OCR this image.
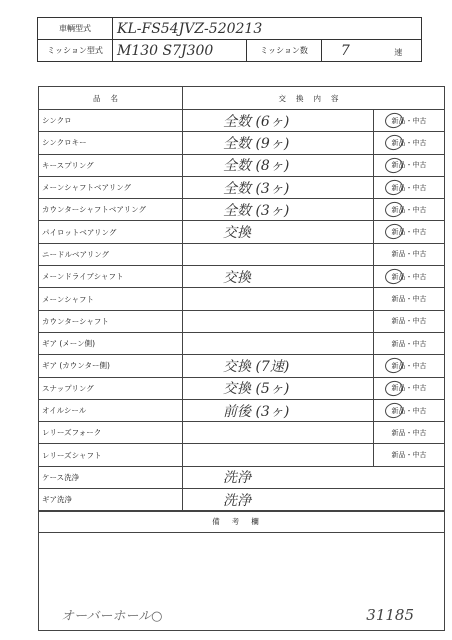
車輌型式	KL-FS54JVZ-520213		
ミッション型式	M130 S7J300	ミッション数	7 速
品名	交換内容	
シンクロ	全数 (6ヶ)	新品・中古

シンクロキー	全数 (9ヶ)	新品・中古

キースプリング	全数 (8ヶ)	新品・中古

メーンシャフトベアリング	全数 (3ヶ)	新品・中古

カウンターシャフトベアリング	全数 (3ヶ)	新品・中古

パイロットベアリング	交換	新品・中古

ニードルベアリング		新品・中古
メーンドライブシャフト	交換	新品・中古

メーンシャフト		新品・中古
カウンターシャフト		新品・中古
ギア (メーン側)		新品・中古
ギア (カウンター側)	交換 (7速)	新品・中古

スナップリング	交換 (5ヶ)	新品・中古

オイルシール	前後 (3ヶ)	新品・中古

レリーズフォーク		新品・中古
レリーズシャフト		新品・中古
ケース洗浄	洗浄	
ギア洗浄	洗浄	
備考欄
オーバーホール○	31185
